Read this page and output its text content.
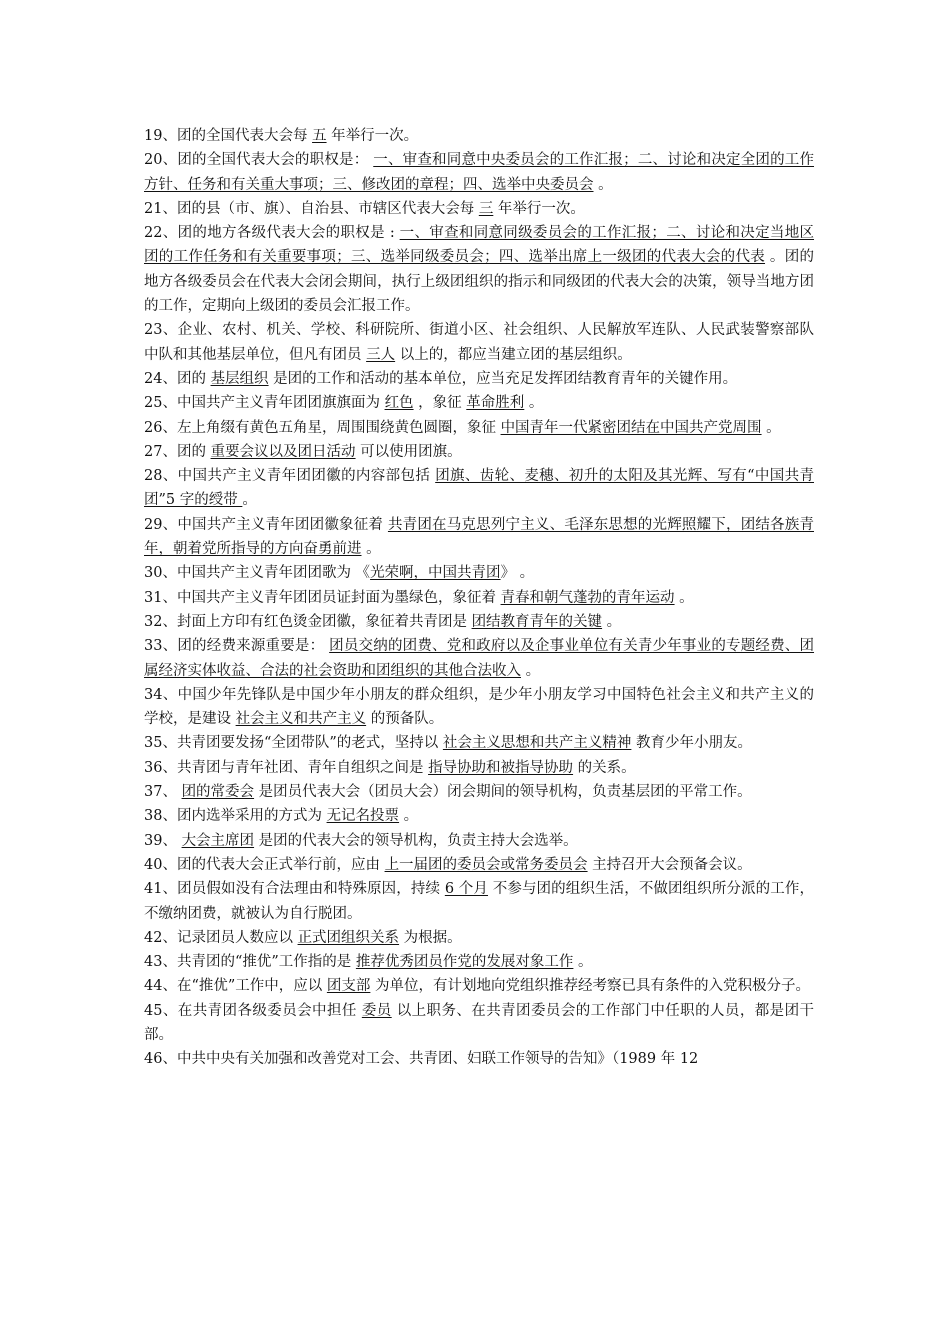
19、团的全国代表大会每 五 年举行一次。

20、团的全国代表大会的职权是： 一、审查和同意中央委员会的工作汇报；二、讨论和决定全团的工作方针、任务和有关重大事项；三、修改团的章程；四、选举中央委员会 。

21、团的县（市、旗）、自治县、市辖区代表大会每 三 年举行一次。

22、团的地方各级代表大会的职权是 : 一、审查和同意同级委员会的工作汇报；二、讨论和决定当地区团的工作任务和有关重要事项；三、选举同级委员会；四、选举出席上一级团的代表大会的代表 。团的地方各级委员会在代表大会闭会期间，执行上级团组织的指示和同级团的代表大会的决策，领导当地方团的工作，定期向上级团的委员会汇报工作。

23、企业、农村、机关、学校、科研院所、街道小区、社会组织、人民解放军连队、人民武装警察部队中队和其他基层单位，但凡有团员 三人 以上的，都应当建立团的基层组织。

24、团的 基层组织 是团的工作和活动的基本单位，应当充足发挥团结教育青年的关键作用。

25、中国共产主义青年团团旗旗面为 红色 ，象征 革命胜利 。

26、左上角缀有黄色五角星，周围围绕黄色圆圈，象征 中国青年一代紧密团结在中国共产党周围 。

27、团的 重要会议以及团日活动 可以使用团旗。

28、中国共产主义青年团团徽的内容部包括 团旗、齿轮、麦穗、初升的太阳及其光辉、写有“中国共青团”5 字的绶带 。

29、中国共产主义青年团团徽象征着 共青团在马克思列宁主义、毛泽东思想的光辉照耀下，团结各族青年，朝着党所指导的方向奋勇前进 。

30、中国共产主义青年团团歌为 《光荣啊，中国共青团》 。

31、中国共产主义青年团团员证封面为墨绿色，象征着 青春和朝气蓬勃的青年运动 。

32、封面上方印有红色烫金团徽，象征着共青团是 团结教育青年的关键 。

33、团的经费来源重要是： 团员交纳的团费、党和政府以及企事业单位有关青少年事业的专题经费、团属经济实体收益、合法的社会资助和团组织的其他合法收入 。

34、中国少年先锋队是中国少年小朋友的群众组织，是少年小朋友学习中国特色社会主义和共产主义的学校，是建设 社会主义和共产主义 的预备队。

35、共青团要发扬“全团带队”的老式，坚持以 社会主义思想和共产主义精神 教育少年小朋友。

36、共青团与青年社团、青年自组织之间是 指导协助和被指导协助 的关系。

37、 团的常委会 是团员代表大会（团员大会）闭会期间的领导机构，负责基层团的平常工作。

38、团内选举采用的方式为 无记名投票 。

39、 大会主席团 是团的代表大会的领导机构，负责主持大会选举。

40、团的代表大会正式举行前，应由 上一届团的委员会或常务委员会 主持召开大会预备会议。

41、团员假如没有合法理由和特殊原因，持续 6 个月 不参与团的组织生活，不做团组织所分派的工作，不缴纳团费，就被认为自行脱团。

42、记录团员人数应以 正式团组织关系 为根据。

43、共青团的“推优”工作指的是 推荐优秀团员作党的发展对象工作 。

44、在“推优”工作中，应以 团支部 为单位，有计划地向党组织推荐经考察已具有条件的入党积极分子。

45、在共青团各级委员会中担任 委员 以上职务、在共青团委员会的工作部门中任职的人员，都是团干部。

46、中共中央有关加强和改善党对工会、共青团、妇联工作领导的告知》（1989 年 12
